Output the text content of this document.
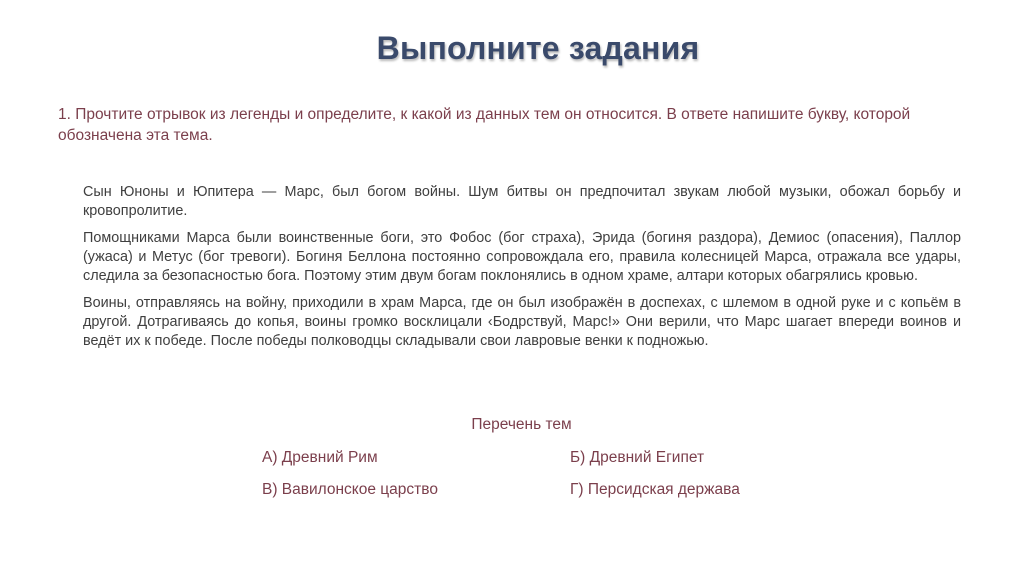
Выполните задания
1. Прочтите отрывок из легенды и определите, к какой из данных тем он относится. В ответе напишите букву, которой обозначена эта тема.

Сын Юноны и Юпитера — Марс, был богом войны. Шум битвы он предпочитал звукам любой музыки, обожал борьбу и кровопролитие.

Помощниками Марса были воинственные боги, это Фобос (бог страха), Эрида (богиня раздора), Демиос (опасения), Паллор (ужаса) и Метус (бог тревоги). Богиня Беллона постоянно сопровождала его, правила колесницей Марса, отражала все удары, следила за безопасностью бога. Поэтому этим двум богам поклонялись в одном храме, алтари которых обагрялись кровью.

Воины, отправляясь на войну, приходили в храм Марса, где он был изображён в доспехах, с шлемом в одной руке и с копьём в другой. Дотрагиваясь до копья, воины громко восклицали ‹Бодрствуй, Марс!» Они верили, что Марс шагает впереди воинов и ведёт их к победе. После победы полководцы складывали свои лавровые венки к подножью.

Перечень тем
А) Древний Рим	Б) Древний Египет
В) Вавилонское царство	Г) Персидская держава
